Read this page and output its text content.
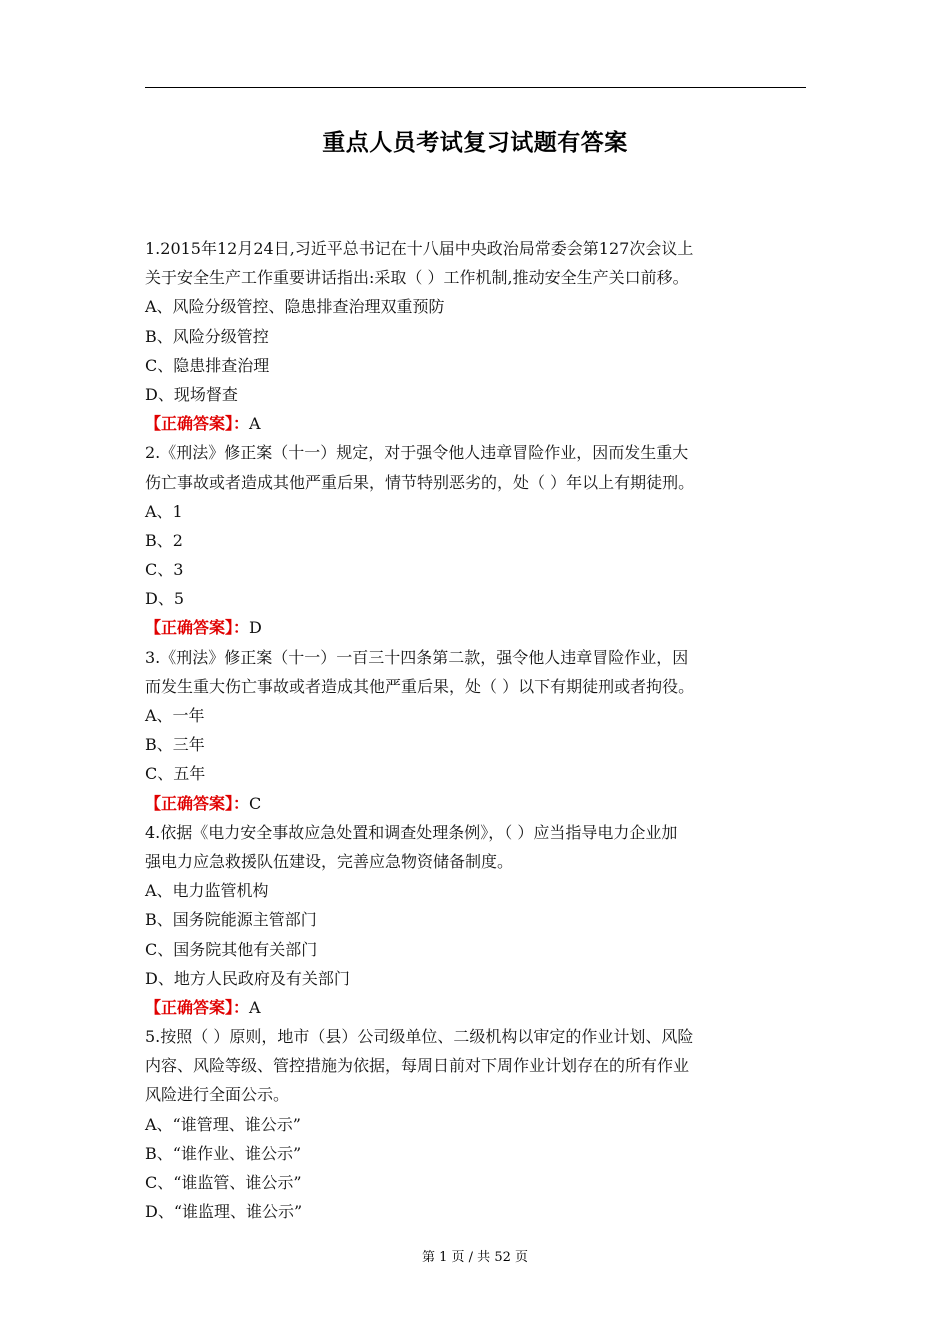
重点人员考试复习试题有答案
1.2015年12月24日,习近平总书记在十八届中央政治局常委会第127次会议上
关于安全生产工作重要讲话指出:采取（ ）工作机制,推动安全生产关口前移。
A、风险分级管控、隐患排查治理双重预防
B、风险分级管控
C、隐患排查治理
D、现场督查
【正确答案】：A
2.《刑法》修正案（十一）规定，对于强令他人违章冒险作业，因而发生重大
伤亡事故或者造成其他严重后果，情节特别恶劣的，处（ ）年以上有期徒刑。
A、1
B、2
C、3
D、5
【正确答案】：D
3.《刑法》修正案（十一）一百三十四条第二款，强令他人违章冒险作业，因
而发生重大伤亡事故或者造成其他严重后果，处（ ）以下有期徒刑或者拘役。
A、一年
B、三年
C、五年
【正确答案】：C
4.依据《电力安全事故应急处置和调查处理条例》，（ ）应当指导电力企业加
强电力应急救援队伍建设，完善应急物资储备制度。
A、电力监管机构
B、国务院能源主管部门
C、国务院其他有关部门
D、地方人民政府及有关部门
【正确答案】：A
5.按照（ ）原则，地市（县）公司级单位、二级机构以审定的作业计划、风险
内容、风险等级、管控措施为依据，每周日前对下周作业计划存在的所有作业
风险进行全面公示。
A、“谁管理、谁公示”
B、“谁作业、谁公示”
C、“谁监管、谁公示”
D、“谁监理、谁公示”
第 1 页 / 共 52 页
